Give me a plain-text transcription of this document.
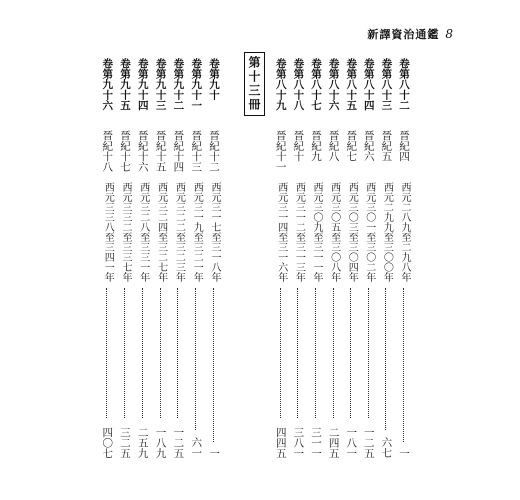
新譯資治通鑑 8
第十三冊	卷第八十二
晉紀四
西元二八九至二九八年
一
卷第八十三
晉紀五
西元二九九至三〇〇年
六七
卷第八十四
晉紀六
西元三〇一至三〇二年
一二五
卷第八十五
晉紀七
西元三〇三至三〇四年
一八一
卷第八十六
晉紀八
西元三〇五至三〇八年
二四五
卷第八十七
晉紀九
西元三〇九至三一一年
三一一
卷第八十八
晉紀十
西元三一二至三一三年
三八一
卷第八十九
晉紀十一
西元三一四至三一六年
四四五
卷第九十
晉紀十二
西元三一七至三一八年
一
卷第九十一
晉紀十三
西元三一九至三二一年
六一
卷第九十二
晉紀十四
西元三二二至三二三年
一二五
卷第九十三
晉紀十五
西元三二四至三二七年
一八九
卷第九十四
晉紀十六
西元三二八至三三一年
二五九
卷第九十五
晉紀十七
西元三三二至三三七年
三二五
卷第九十六
晉紀十八
西元三三八至三四一年
四〇七
